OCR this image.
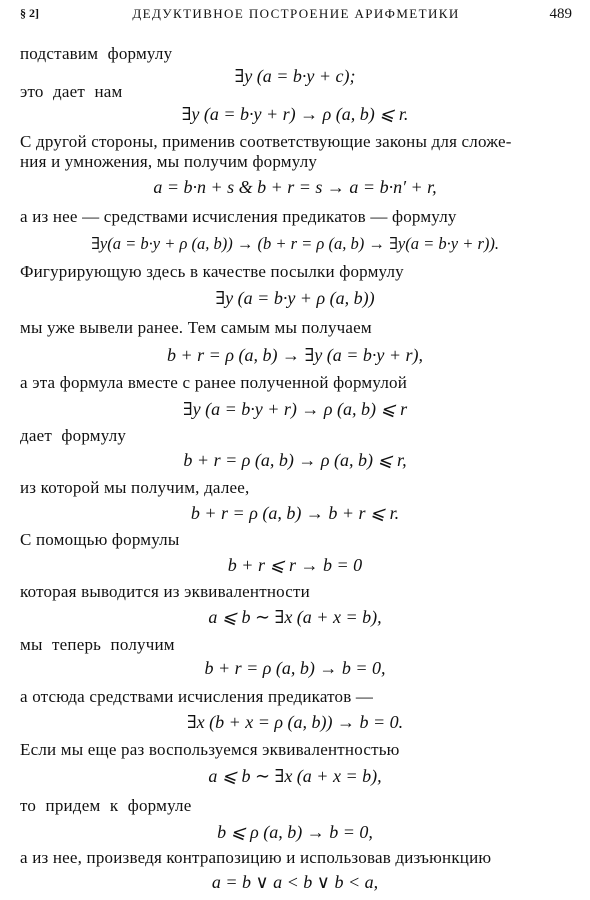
§ 2]	ДЕДУКТИВНОЕ ПОСТРОЕНИЕ АРИФМЕТИКИ	489
подставим формулу
∃y (a = b·y + c);
это дает нам
∃y (a = b·y + r) → ρ (a, b) ⩽ r.
С другой стороны, применив соответствующие законы для сложе-
ния и умножения, мы получим формулу
a = b·n + s & b + r = s → a = b·n′ + r,
а из нее — средствами исчисления предикатов — формулу
∃y(a = b·y + ρ (a, b)) → (b + r = ρ (a, b) → ∃y(a = b·y + r)).
Фигурирующую здесь в качестве посылки формулу
∃y (a = b·y + ρ (a, b))
мы уже вывели ранее. Тем самым мы получаем
b + r = ρ (a, b) → ∃y (a = b·y + r),
а эта формула вместе с ранее полученной формулой
∃y (a = b·y + r) → ρ (a, b) ⩽ r
дает формулу
b + r = ρ (a, b) → ρ (a, b) ⩽ r,
из которой мы получим, далее,
b + r = ρ (a, b) → b + r ⩽ r.
С помощью формулы
b + r ⩽ r → b = 0
которая выводится из эквивалентности
a ⩽ b ∼ ∃x (a + x = b),
мы теперь получим
b + r = ρ (a, b) → b = 0,
а отсюда средствами исчисления предикатов —
∃x (b + x = ρ (a, b)) → b = 0.
Если мы еще раз воспользуемся эквивалентностью
a ⩽ b ∼ ∃x (a + x = b),
то придем к формуле
b ⩽ ρ (a, b) → b = 0,
а из нее, произведя контрапозицию и использовав дизъюнкцию
a = b ∨ a < b ∨ b < a,
